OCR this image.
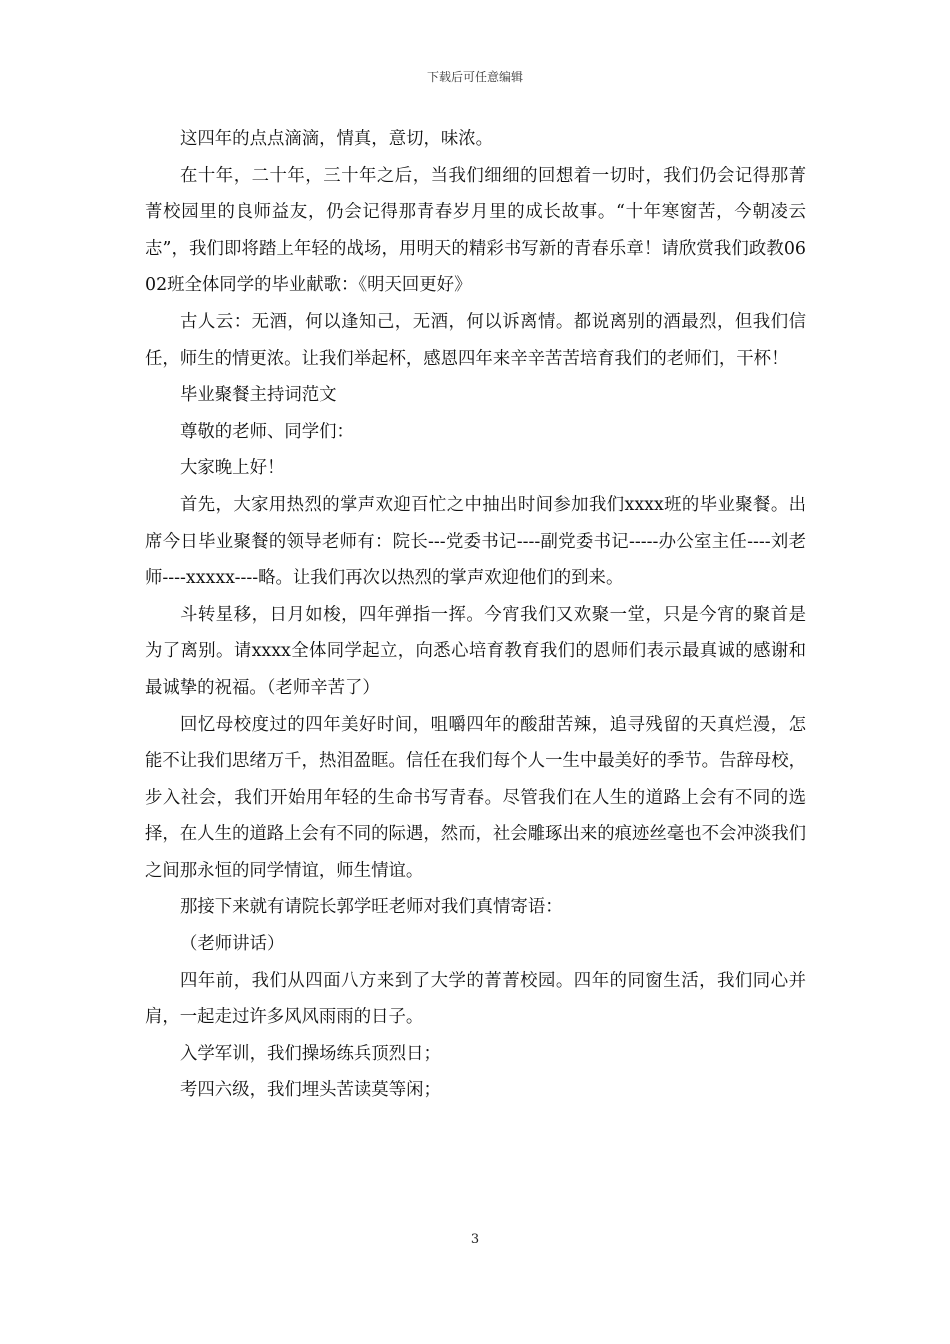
下载后可任意编辑

这四年的点点滴滴，情真，意切，味浓。

在十年，二十年，三十年之后，当我们细细的回想着一切时，我们仍会记得那菁菁校园里的良师益友，仍会记得那青春岁月里的成长故事。“十年寒窗苦，今朝凌云志”，我们即将踏上年轻的战场，用明天的精彩书写新的青春乐章！请欣赏我们政教0602班全体同学的毕业献歌：《明天回更好》

古人云：无酒，何以逢知己，无酒，何以诉离情。都说离别的酒最烈，但我们信任，师生的情更浓。让我们举起杯，感恩四年来辛辛苦苦培育我们的老师们，干杯！

毕业聚餐主持词范文

尊敬的老师、同学们：

大家晚上好！

首先，大家用热烈的掌声欢迎百忙之中抽出时间参加我们xxxx班的毕业聚餐。出席今日毕业聚餐的领导老师有：院长---党委书记----副党委书记-----办公室主任----刘老师----xxxxx----略。让我们再次以热烈的掌声欢迎他们的到来。

斗转星移，日月如梭，四年弹指一挥。今宵我们又欢聚一堂，只是今宵的聚首是为了离别。请xxxx全体同学起立，向悉心培育教育我们的恩师们表示最真诚的感谢和最诚挚的祝福。（老师辛苦了）

回忆母校度过的四年美好时间，咀嚼四年的酸甜苦辣，追寻残留的天真烂漫，怎能不让我们思绪万千，热泪盈眶。信任在我们每个人一生中最美好的季节。告辞母校，步入社会，我们开始用年轻的生命书写青春。尽管我们在人生的道路上会有不同的选择，在人生的道路上会有不同的际遇，然而，社会雕琢出来的痕迹丝毫也不会冲淡我们之间那永恒的同学情谊，师生情谊。

那接下来就有请院长郭学旺老师对我们真情寄语：

（老师讲话）

四年前，我们从四面八方来到了大学的菁菁校园。四年的同窗生活，我们同心并肩，一起走过许多风风雨雨的日子。

入学军训，我们操场练兵顶烈日；

考四六级，我们埋头苦读莫等闲；

3
